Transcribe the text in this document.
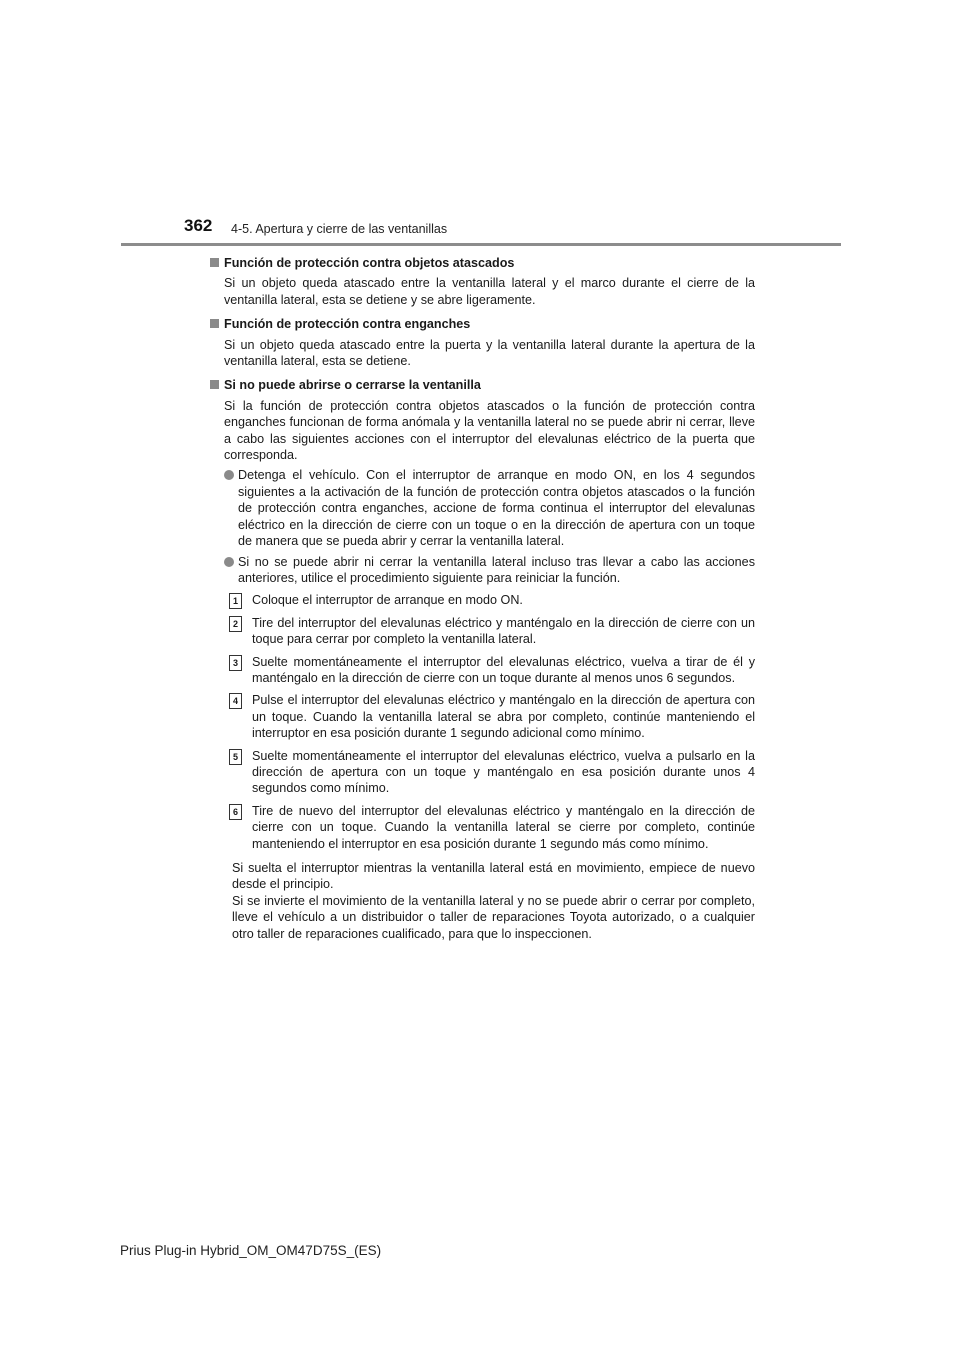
362 4-5. Apertura y cierre de las ventanillas
Función de protección contra objetos atascados

Si un objeto queda atascado entre la ventanilla lateral y el marco durante el cierre de la ventanilla lateral, esta se detiene y se abre ligeramente.

Función de protección contra enganches

Si un objeto queda atascado entre la puerta y la ventanilla lateral durante la apertura de la ventanilla lateral, esta se detiene.

Si no puede abrirse o cerrarse la ventanilla

Si la función de protección contra objetos atascados o la función de protección contra enganches funcionan de forma anómala y la ventanilla lateral no se puede abrir ni cerrar, lleve a cabo las siguientes acciones con el interruptor del elevalunas eléctrico de la puerta que corresponda.

Detenga el vehículo. Con el interruptor de arranque en modo ON, en los 4 segundos siguientes a la activación de la función de protección contra objetos atascados o la función de protección contra enganches, accione de forma continua el interruptor del elevalunas eléctrico en la dirección de cierre con un toque o en la dirección de apertura con un toque de manera que se pueda abrir y cerrar la ventanilla lateral.
Si no se puede abrir ni cerrar la ventanilla lateral incluso tras llevar a cabo las acciones anteriores, utilice el procedimiento siguiente para reiniciar la función.
1	Coloque el interruptor de arranque en modo ON.
2	Tire del interruptor del elevalunas eléctrico y manténgalo en la dirección de cierre con un toque para cerrar por completo la ventanilla lateral.
3	Suelte momentáneamente el interruptor del elevalunas eléctrico, vuelva a tirar de él y manténgalo en la dirección de cierre con un toque durante al menos unos 6 segundos.
4	Pulse el interruptor del elevalunas eléctrico y manténgalo en la dirección de apertura con un toque. Cuando la ventanilla lateral se abra por completo, continúe manteniendo el interruptor en esa posición durante 1 segundo adicional como mínimo.
5	Suelte momentáneamente el interruptor del elevalunas eléctrico, vuelva a pulsarlo en la dirección de apertura con un toque y manténgalo en esa posición durante unos 4 segundos como mínimo.
6	Tire de nuevo del interruptor del elevalunas eléctrico y manténgalo en la dirección de cierre con un toque. Cuando la ventanilla lateral se cierre por completo, continúe manteniendo el interruptor en esa posición durante 1 segundo más como mínimo.
Si suelta el interruptor mientras la ventanilla lateral está en movimiento, empiece de nuevo desde el principio.
Si se invierte el movimiento de la ventanilla lateral y no se puede abrir o cerrar por completo, lleve el vehículo a un distribuidor o taller de reparaciones Toyota autorizado, o a cualquier otro taller de reparaciones cualificado, para que lo inspeccionen.
Prius Plug-in Hybrid_OM_OM47D75S_(ES)
